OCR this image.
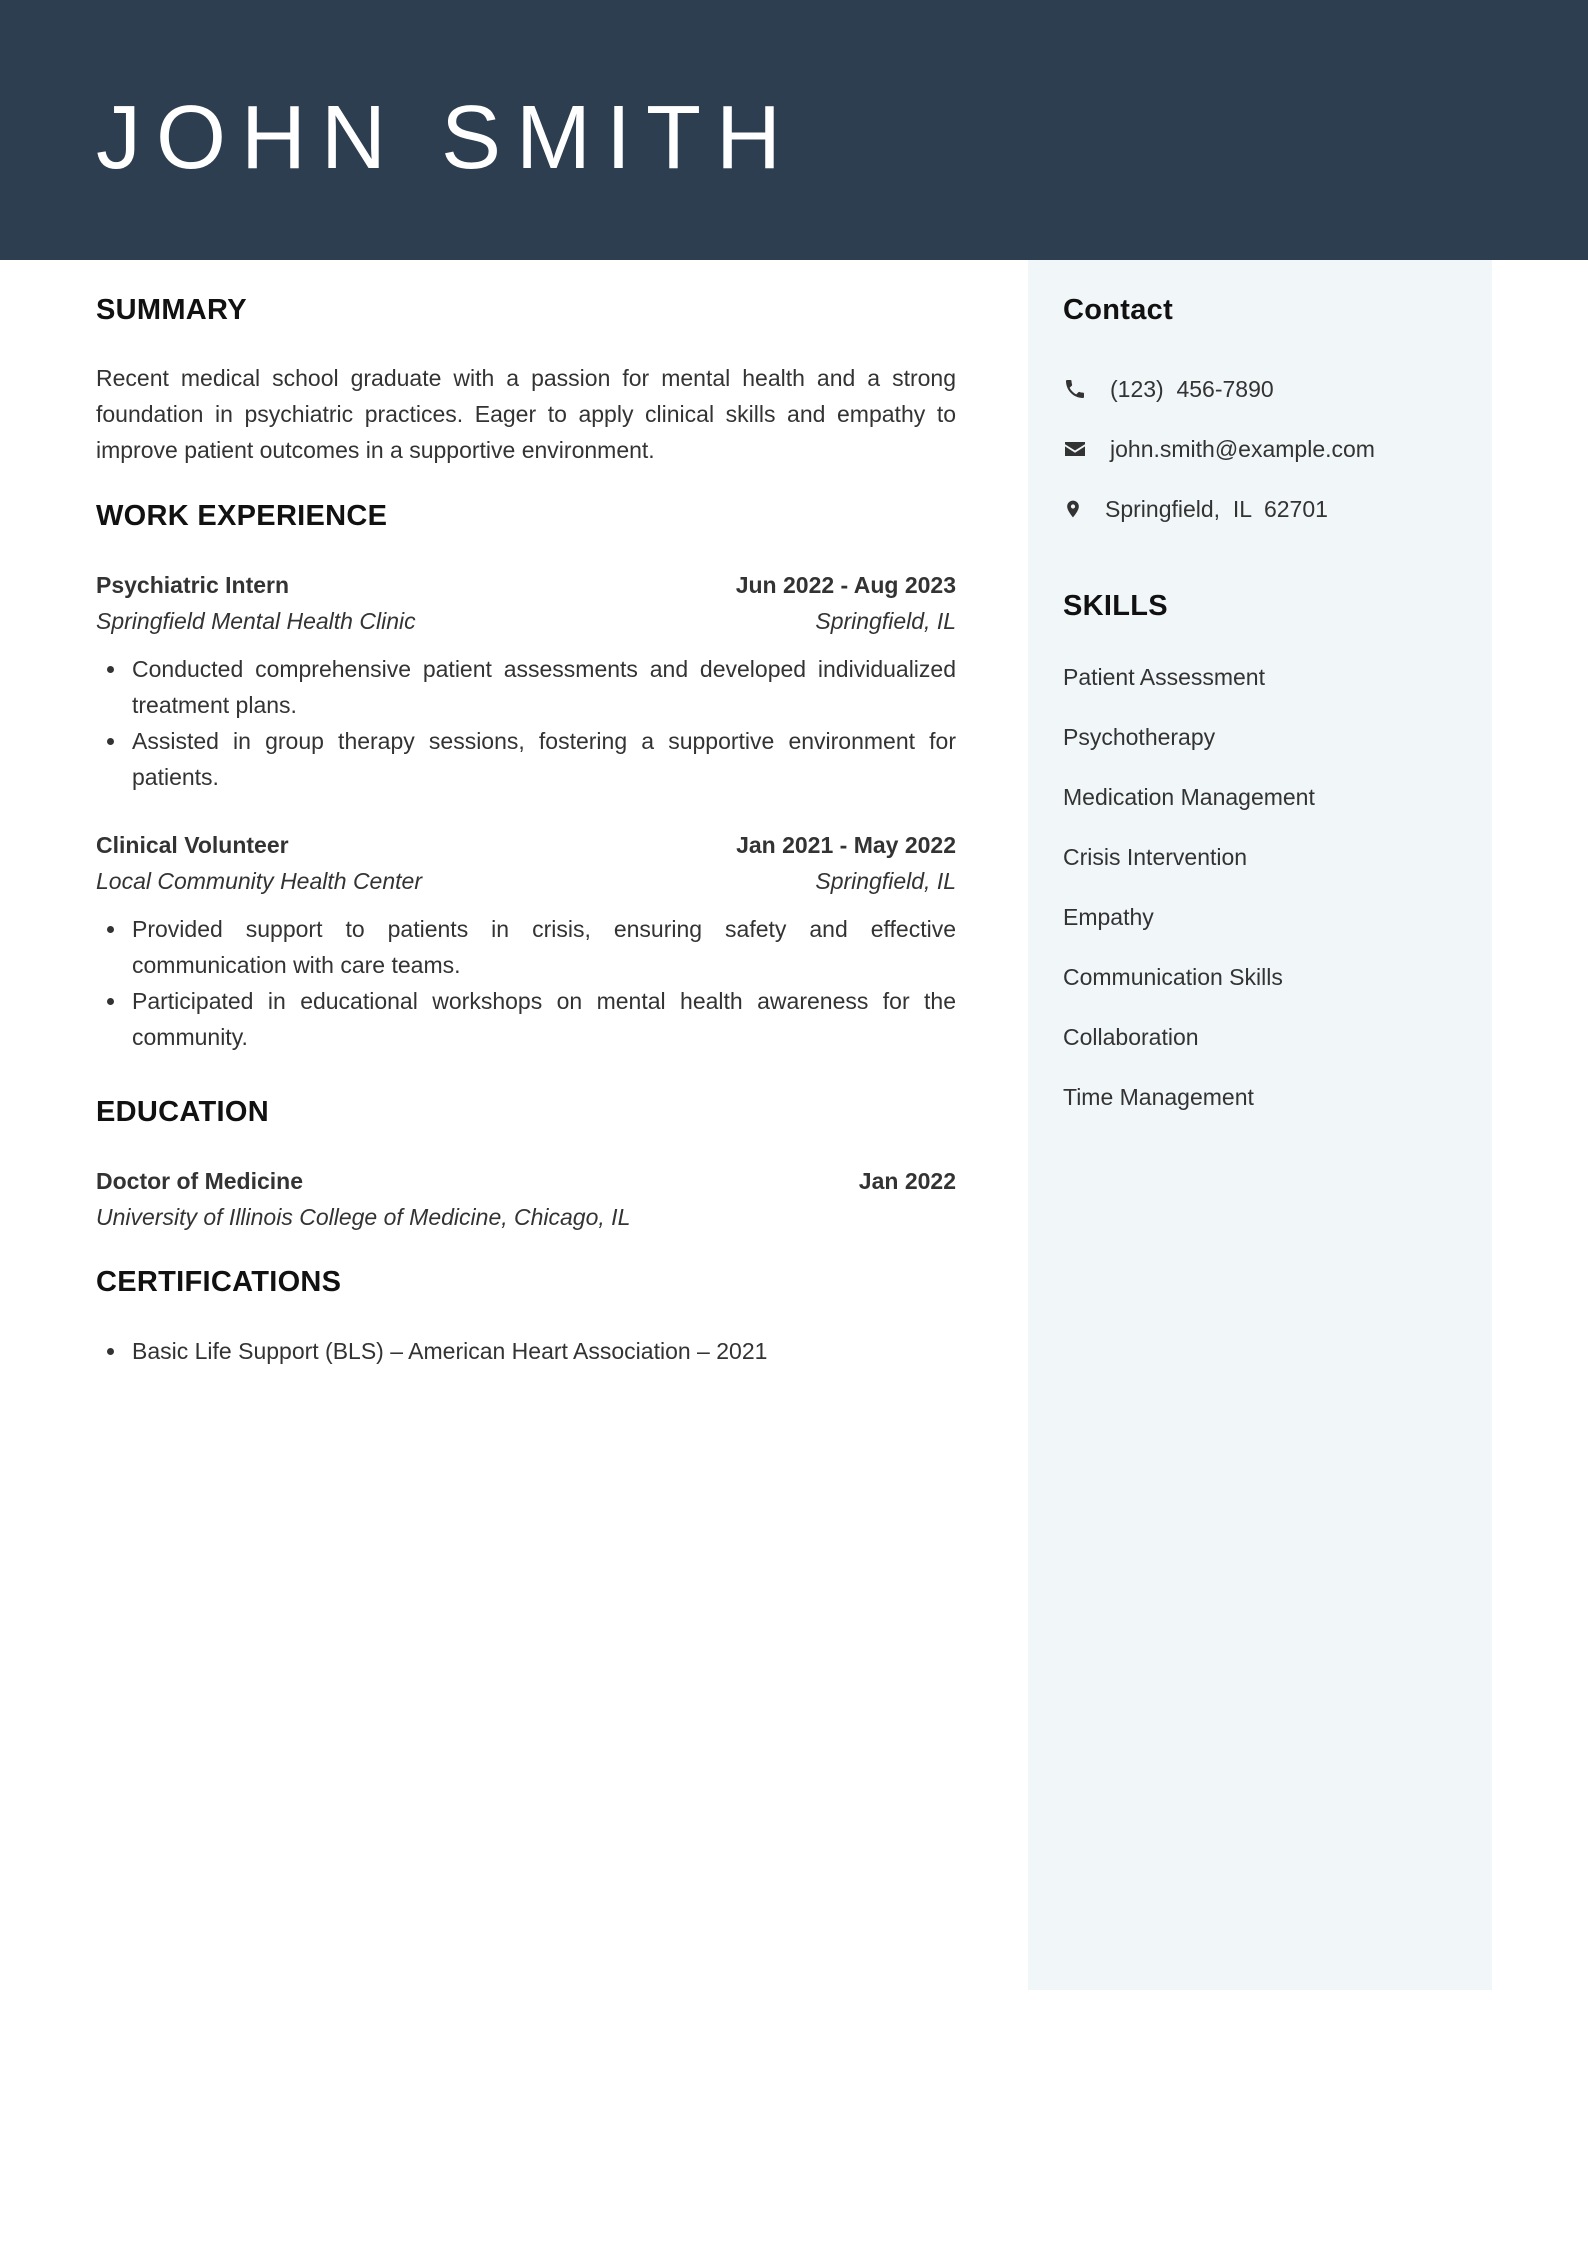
JOHN SMITH
Contact
(123)  456-7890
john.smith@example.com
Springfield,  IL  62701
SKILLS
Patient Assessment
Psychotherapy
Medication Management
Crisis Intervention
Empathy
Communication Skills
Collaboration
Time Management
SUMMARY

Recent medical school graduate with a passion for mental health and a strong foundation in psychiatric practices. Eager to apply clinical skills and empathy to improve patient outcomes in a supportive environment.

WORK EXPERIENCE
Psychiatric Intern	Jun 2022 - Aug 2023
Springfield Mental Health Clinic	Springfield, IL
Conducted comprehensive patient assessments and developed individualized treatment plans.
Assisted in group therapy sessions, fostering a supportive environment for patients.
Clinical Volunteer	Jan 2021 - May 2022
Local Community Health Center	Springfield, IL
Provided support to patients in crisis, ensuring safety and effective communication with care teams.
Participated in educational workshops on mental health awareness for the community.
EDUCATION
Doctor of Medicine	Jan 2022
University of Illinois College of Medicine, Chicago, IL
CERTIFICATIONS
Basic Life Support (BLS) – American Heart Association – 2021
